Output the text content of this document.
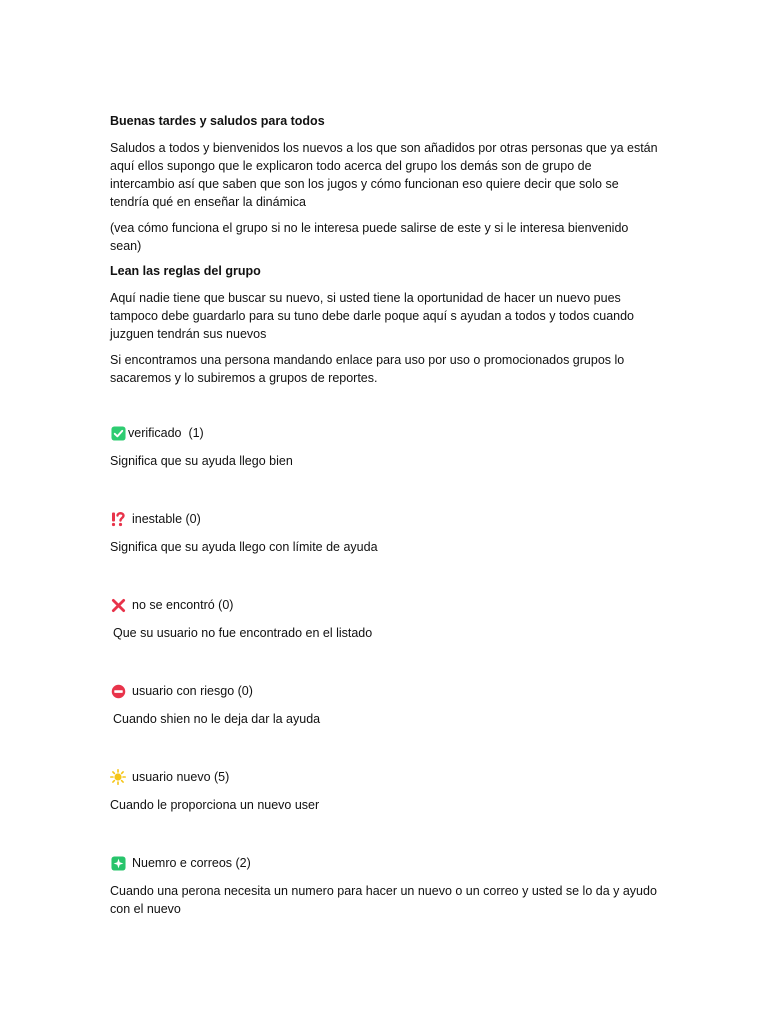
Buenas tardes y saludos para todos

Saludos a todos y bienvenidos los nuevos a los que son añadidos por otras personas que ya están aquí ellos supongo que le explicaron todo acerca del grupo los demás son de grupo de intercambio así que saben que son los jugos y cómo funcionan eso quiere decir que solo se tendría qué en enseñar la dinámica

(vea cómo funciona el grupo si no le interesa puede salirse de este y si le interesa bienvenido sean)

Lean las reglas del grupo

Aquí nadie tiene que buscar su nuevo, si usted tiene la oportunidad de hacer un nuevo pues tampoco debe guardarlo para su tuno debe darle poque aquí s ayudan a todos y todos cuando juzguen tendrán sus nuevos

Si encontramos una persona mandando enlace para uso por uso o promocionados grupos lo sacaremos y lo subiremos a grupos de reportes.

verificado  (1)
Significa que su ayuda llego bien
inestable (0)
Significa que su ayuda llego con límite de ayuda
no se encontró (0)
Que su usuario no fue encontrado en el listado
usuario con riesgo (0)
Cuando shien no le deja dar la ayuda
usuario nuevo (5)
Cuando le proporciona un nuevo user
Nuemro e correos (2)
Cuando una perona necesita un numero para hacer un nuevo o un correo y usted se lo da y ayudo con el nuevo
